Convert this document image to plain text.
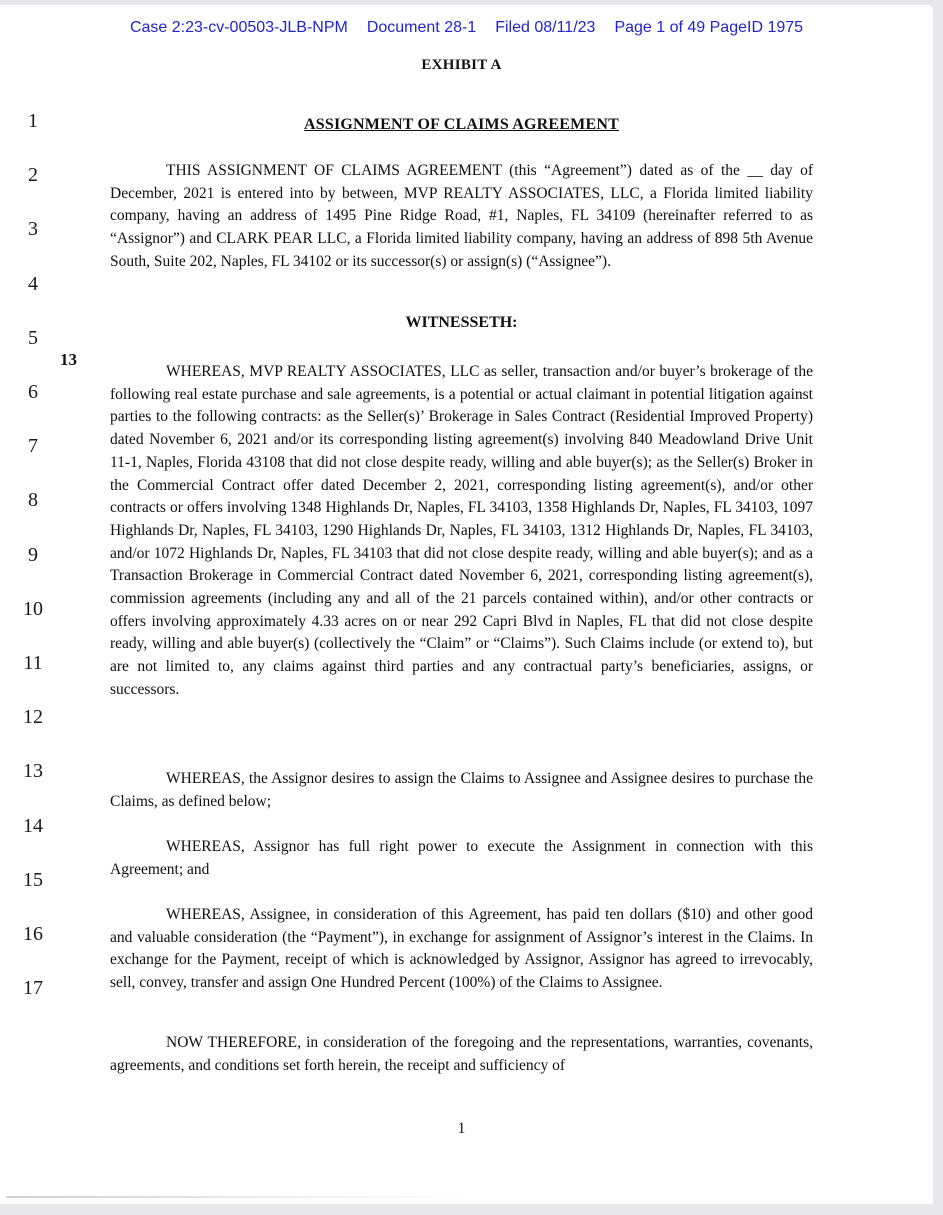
Case 2:23-cv-00503-JLB-NPM Document 28-1 Filed 08/11/23 Page 1 of 49 PageID 1975
EXHIBIT A
ASSIGNMENT OF CLAIMS AGREEMENT
1
2
3
4
5
6
7
8
9
10
11
12
13
14
15
16
17
13
THIS ASSIGNMENT OF CLAIMS AGREEMENT (this “Agreement”) dated as of the __ day of December, 2021 is entered into by between, MVP REALTY ASSOCIATES, LLC, a Florida limited liability company, having an address of 1495 Pine Ridge Road, #1, Naples, FL 34109 (hereinafter referred to as “Assignor”) and CLARK PEAR LLC, a Florida limited liability company, having an address of 898 5th Avenue South, Suite 202, Naples, FL 34102 or its successor(s) or assign(s) (“Assignee”).
WITNESSETH:
WHEREAS, MVP REALTY ASSOCIATES, LLC as seller, transaction and/or buyer’s brokerage of the following real estate purchase and sale agreements, is a potential or actual claimant in potential litigation against parties to the following contracts: as the Seller(s)’ Brokerage in Sales Contract (Residential Improved Property) dated November 6, 2021 and/or its corresponding listing agreement(s) involving 840 Meadowland Drive Unit 11-1, Naples, Florida 43108 that did not close despite ready, willing and able buyer(s); as the Seller(s) Broker in the Commercial Contract offer dated December 2, 2021, corresponding listing agreement(s), and/or other contracts or offers involving 1348 Highlands Dr, Naples, FL 34103, 1358 Highlands Dr, Naples, FL 34103, 1097 Highlands Dr, Naples, FL 34103, 1290 Highlands Dr, Naples, FL 34103, 1312 Highlands Dr, Naples, FL 34103, and/or 1072 Highlands Dr, Naples, FL 34103 that did not close despite ready, willing and able buyer(s); and as a Transaction Brokerage in Commercial Contract dated November 6, 2021, corresponding listing agreement(s), commission agreements (including any and all of the 21 parcels contained within), and/or other contracts or offers involving approximately 4.33 acres on or near 292 Capri Blvd in Naples, FL that did not close despite ready, willing and able buyer(s) (collectively the “Claim” or “Claims”). Such Claims include (or extend to), but are not limited to, any claims against third parties and any contractual party’s beneficiaries, assigns, or successors.
WHEREAS, the Assignor desires to assign the Claims to Assignee and Assignee desires to purchase the Claims, as defined below;
WHEREAS, Assignor has full right power to execute the Assignment in connection with this Agreement; and
WHEREAS, Assignee, in consideration of this Agreement, has paid ten dollars ($10) and other good and valuable consideration (the “Payment”), in exchange for assignment of Assignor’s interest in the Claims. In exchange for the Payment, receipt of which is acknowledged by Assignor, Assignor has agreed to irrevocably, sell, convey, transfer and assign One Hundred Percent (100%) of the Claims to Assignee.
NOW THEREFORE, in consideration of the foregoing and the representations, warranties, covenants, agreements, and conditions set forth herein, the receipt and sufficiency of
1
